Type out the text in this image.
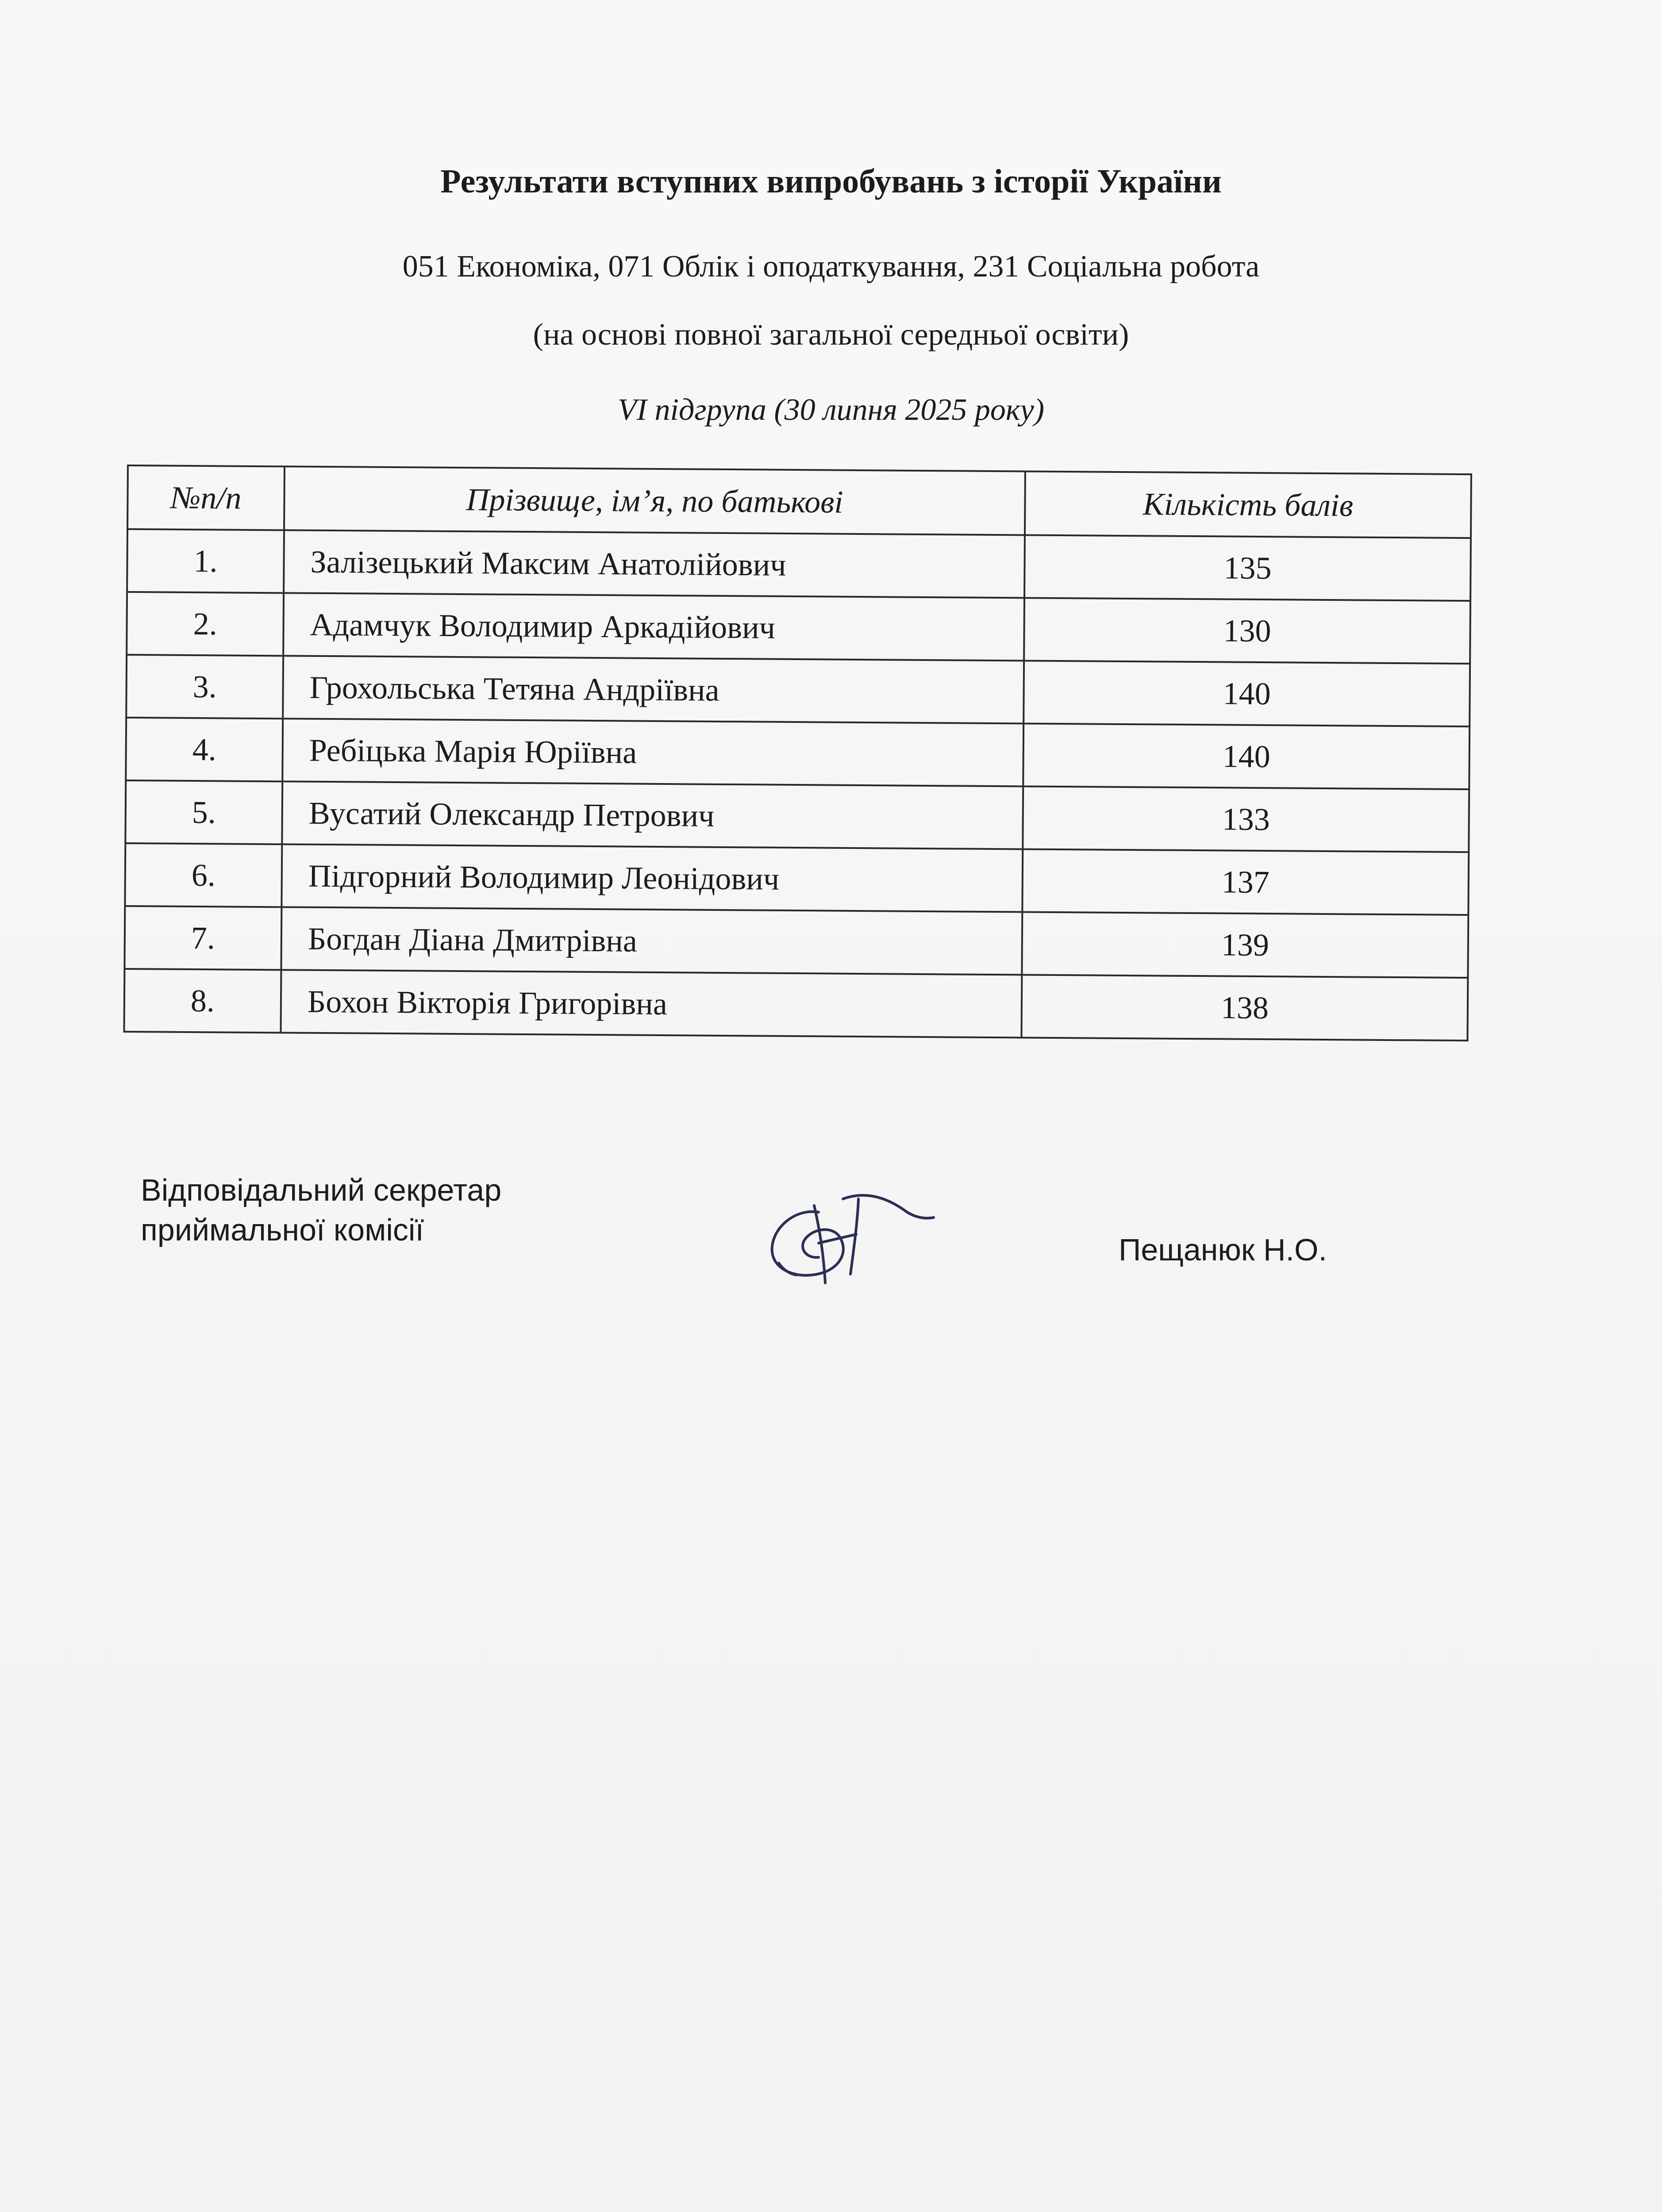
Результати вступних випробувань з історії України
051 Економіка, 071 Облік і оподаткування, 231 Соціальна робота
(на основі повної загальної середньої освіти)
VI підгрупа (30 липня 2025 року)
№п/п	Прізвище, ім’я, по батькові	Кількість балів
1.	Залізецький Максим Анатолійович	135
2.	Адамчук Володимир Аркадійович	130
3.	Грохольська Тетяна Андріївна	140
4.	Ребіцька Марія Юріївна	140
5.	Вусатий Олександр Петрович	133
6.	Підгорний Володимир Леонідович	137
7.	Богдан Діана Дмитрівна	139
8.	Бохон Вікторія Григорівна	138
Відповідальний секретар
приймальної комісії
Пещанюк Н.О.
